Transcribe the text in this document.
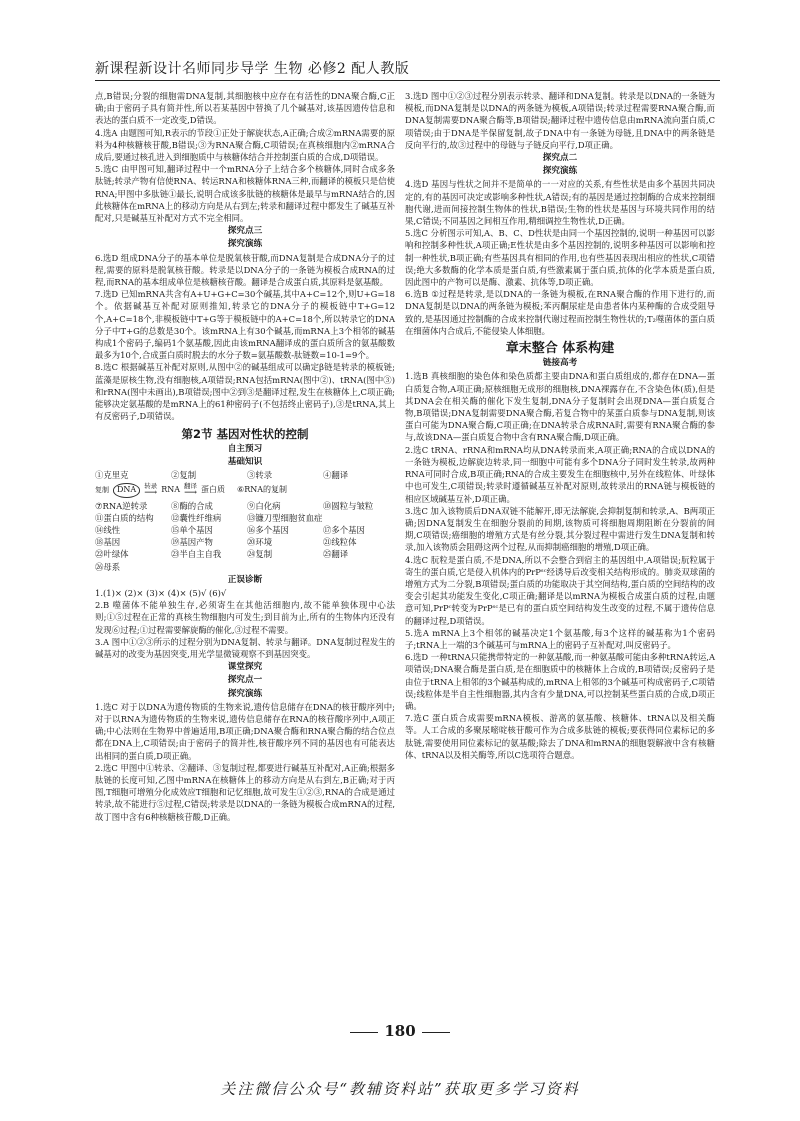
新课程新设计名师同步导学 生物 必修2 配人教版

点,B错误;分裂的细胞需DNA复制,其细胞核中应存在有活性的DNA聚合酶,C正确;由于密码子具有简并性,所以若某基因中替换了几个碱基对,该基因遗传信息和表达的蛋白质不一定改变,D错误。

4.选A 由题图可知,R表示的节段①正处于解旋状态,A正确;合成②mRNA需要的原料为4种核糖核苷酸,B错误;③为RNA聚合酶,C项错误;在真核细胞内②mRNA合成后,要通过核孔进入到细胞质中与核糖体结合并控制蛋白质的合成,D项错误。

5.选C 由甲图可知,翻译过程中一个mRNA分子上结合多个核糖体,同时合成多条肽链;转录产物有信使RNA、转运RNA和核糖体RNA三种,而翻译的模板只是信使RNA;甲图中多肽链①最长,说明合成该多肽链的核糖体是最早与mRNA结合的,因此核糖体在mRNA上的移动方向是从右到左;转录和翻译过程中都发生了碱基互补配对,只是碱基互补配对方式不完全相同。

探究点三
探究演练

6.选D 组成DNA分子的基本单位是脱氧核苷酸,而DNA复制是合成DNA分子的过程,需要的原料是脱氧核苷酸。转录是以DNA分子的一条链为模板合成RNA的过程,而RNA的基本组成单位是核糖核苷酸。翻译是合成蛋白质,其原料是氨基酸。

7.选D 已知mRNA共含有A+U+G+C=30个碱基,其中A+C=12个,则U+G=18个。依据碱基互补配对原则推知,转录它的DNA分子的模板链中T+G=12个,A+C=18个,非模板链中T+G等于模板链中的A+C=18个,所以转录它的DNA分子中T+G的总数是30个。该mRNA上有30个碱基,而mRNA上3个相邻的碱基构成1个密码子,编码1个氨基酸,因此由该mRNA翻译成的蛋白质所含的氨基酸数最多为10个,合成蛋白质时脱去的水分子数=氨基酸数-肽链数=10-1=9个。

8.选C 根据碱基互补配对原则,从图中②的碱基组成可以确定β链是转录的模板链;蓝藻是原核生物,没有细胞核,A项错误;RNA包括mRNA(图中②)、tRNA(图中③)和rRNA(图中未画出),B项错误;图中②到③是翻译过程,发生在核糖体上,C项正确;能够决定氨基酸的是mRNA上的61种密码子(不包括终止密码子),③是tRNA,其上有反密码子,D项错误。

第2节 基因对性状的控制
自主预习
基础知识
①克里克	②复制	③转录	④翻译
复制	DNA	转录
⟶ RNA 翻译
⟶ 蛋白质 ⑥RNA的复制
⑦RNA逆转录	⑧酶的合成	⑨白化病	⑩圆粒与皱粒
⑪蛋白质的结构	⑫囊性纤维病	⑬镰刀型细胞贫血症
⑭线性	⑮单个基因	⑯多个基因	⑰多个基因
⑱基因	⑲基因产物	⑳环境	㉑线粒体
㉒叶绿体	㉓半自主自我	㉔复制	㉕翻译
㉖母系
正误诊断

1.(1)× (2)× (3)× (4)× (5)√ (6)√

2.B 噬菌体不能单独生存,必须寄生在其他活细胞内,故不能单独体现中心法则;①⑤过程在正常的真核生物细胞内可发生;到目前为止,所有的生物体内还没有发现⑥过程;①过程需要解旋酶的催化,③过程不需要。

3.A 图中①②③所示的过程分别为DNA复制、转录与翻译。DNA复制过程发生的碱基对的改变为基因突变,用光学显微镜观察不到基因突变。

课堂探究
探究点一
探究演练

1.选C 对于以DNA为遗传物质的生物来说,遗传信息储存在DNA的核苷酸序列中;对于以RNA为遗传物质的生物来说,遗传信息储存在RNA的核苷酸序列中,A项正确;中心法则在生物界中普遍适用,B项正确;DNA聚合酶和RNA聚合酶的结合位点都在DNA上,C项错误;由于密码子的简并性,核苷酸序列不同的基因也有可能表达出相同的蛋白质,D项正确。

2.选C 甲图中①转录、②翻译、③复制过程,都要进行碱基互补配对,A正确;根据多肽链的长度可知,乙图中mRNA在核糖体上的移动方向是从右到左,B正确;对于丙图,T细胞可增殖分化成效应T细胞和记忆细胞,故可发生①②③,RNA的合成是通过转录,故不能进行⑤过程,C错误;转录是以DNA的一条链为模板合成mRNA的过程,故丁图中含有6种核糖核苷酸,D正确。

3.选D 图中①②③过程分别表示转录、翻译和DNA复制。转录是以DNA的一条链为模板,而DNA复制是以DNA的两条链为模板,A项错误;转录过程需要RNA聚合酶,而DNA复制需要DNA聚合酶等,B项错误;翻译过程中遗传信息由mRNA流向蛋白质,C项错误;由于DNA是半保留复制,故子DNA中有一条链为母链,且DNA中的两条链是反向平行的,故③过程中的母链与子链反向平行,D项正确。

探究点二
探究演练

4.选D 基因与性状之间并不是简单的一一对应的关系,有些性状是由多个基因共同决定的,有的基因可决定或影响多种性状,A错误;有的基因是通过控制酶的合成来控制细胞代谢,进而间接控制生物体的性状,B错误;生物的性状是基因与环境共同作用的结果,C错误;不同基因之间相互作用,精细调控生物性状,D正确。

5.选C 分析图示可知,A、B、C、D性状是由同一个基因控制的,说明一种基因可以影响和控制多种性状,A项正确;E性状是由多个基因控制的,说明多种基因可以影响和控制一种性状,B项正确;有些基因具有相同的作用,也有些基因表现出相应的性状,C项错误;绝大多数酶的化学本质是蛋白质,有些激素属于蛋白质,抗体的化学本质是蛋白质,因此图中的产物可以是酶、激素、抗体等,D项正确。

6.选B ①过程是转录,是以DNA的一条链为模板,在RNA聚合酶的作用下进行的,而DNA复制是以DNA的两条链为模板;苯丙酮尿症是由患者体内某种酶的合成受阻导致的,是基因通过控制酶的合成来控制代谢过程而控制生物性状的;T₂噬菌体的蛋白质在细菌体内合成后,不能侵染人体细胞。

章末整合 体系构建
链接高考

1.选B 真核细胞的染色体和染色质都主要由DNA和蛋白质组成的,都存在DNA—蛋白质复合物,A项正确;原核细胞无成形的细胞核,DNA裸露存在,不含染色体(质),但是其DNA会在相关酶的催化下发生复制,DNA分子复制时会出现DNA—蛋白质复合物,B项错误;DNA复制需要DNA聚合酶,若复合物中的某蛋白质参与DNA复制,则该蛋白可能为DNA聚合酶,C项正确;在DNA转录合成RNA时,需要有RNA聚合酶的参与,故该DNA—蛋白质复合物中含有RNA聚合酶,D项正确。

2.选C tRNA、rRNA和mRNA均从DNA转录而来,A项正确;RNA的合成以DNA的一条链为模板,边解旋边转录,同一细胞中可能有多个DNA分子同时发生转录,故两种RNA可同时合成,B项正确;RNA的合成主要发生在细胞核中,另外在线粒体、叶绿体中也可发生,C项错误;转录时遵循碱基互补配对原则,故转录出的RNA链与模板链的相应区域碱基互补,D项正确。

3.选C 加入该物质后DNA双链不能解开,即无法解旋,会抑制复制和转录,A、B两项正确;因DNA复制发生在细胞分裂前的间期,该物质可将细胞周期阻断在分裂前的间期,C项错误;癌细胞的增殖方式是有丝分裂,其分裂过程中需进行发生DNA复制和转录,加入该物质会阻碍这两个过程,从而抑制癌细胞的增殖,D项正确。

4.选C 朊粒是蛋白质,不是DNA,所以不会整合到宿主的基因组中,A项错误;朊粒属于寄生的蛋白质,它是侵入机体内的PrPˢᶜ经诱导后改变相关结构形成的。肺炎双球菌的增殖方式为二分裂,B项错误;蛋白质的功能取决于其空间结构,蛋白质的空间结构的改变会引起其功能发生变化,C项正确;翻译是以mRNA为模板合成蛋白质的过程,由题意可知,PrPᶜ转变为PrPˢᶜ是已有的蛋白质空间结构发生改变的过程,不属于遗传信息的翻译过程,D项错误。

5.选A mRNA上3个相邻的碱基决定1个氨基酸,每3个这样的碱基称为1个密码子;tRNA上一端的3个碱基可与mRNA上的密码子互补配对,叫反密码子。

6.选D 一种tRNA只能携带特定的一种氨基酸,而一种氨基酸可能由多种tRNA转运,A项错误;DNA聚合酶是蛋白质,是在细胞质中的核糖体上合成的,B项错误;反密码子是由位于tRNA上相邻的3个碱基构成的,mRNA上相邻的3个碱基可构成密码子,C项错误;线粒体是半自主性细胞器,其内含有少量DNA,可以控制某些蛋白质的合成,D项正确。

7.选C 蛋白质合成需要mRNA模板、游离的氨基酸、核糖体、tRNA以及相关酶等。人工合成的多聚尿嘧啶核苷酸可作为合成多肽链的模板;要获得同位素标记的多肽链,需要使用同位素标记的氨基酸;除去了DNA和mRNA的细胞裂解液中含有核糖体、tRNA以及相关酶等,所以C选项符合题意。

180
关注微信公众号“教辅资料站”获取更多学习资料
